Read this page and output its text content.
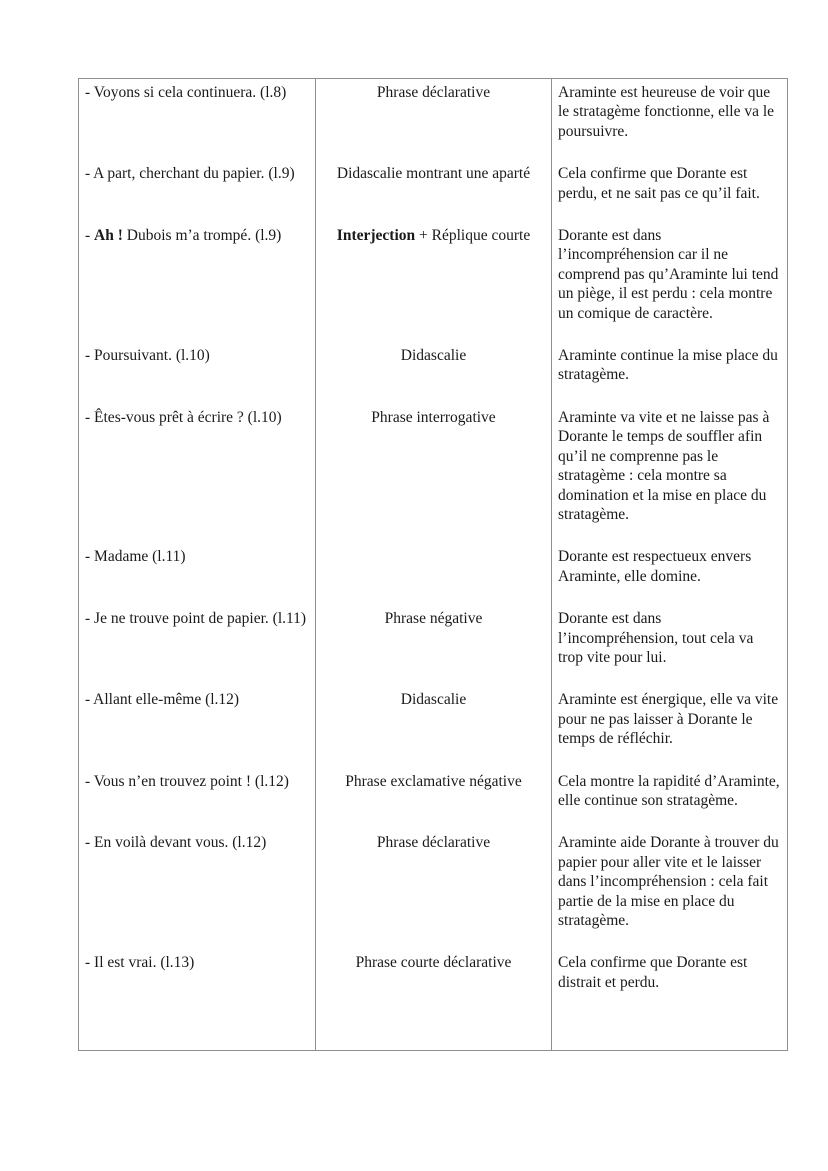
- Voyons si cela continuera. (l.8)	Phrase déclarative	Araminte est heureuse de voir que le stratagème fonctionne, elle va le poursuivre.
- A part, cherchant du papier. (l.9)	Didascalie montrant une aparté	Cela confirme que Dorante est perdu, et ne sait pas ce qu’il fait.
- Ah ! Dubois m’a trompé. (l.9)	Interjection + Réplique courte	Dorante est dans l’incompréhension car il ne comprend pas qu’Araminte lui tend un piège, il est perdu : cela montre un comique de caractère.
- Poursuivant. (l.10)	Didascalie	Araminte continue la mise place du stratagème.
- Êtes-vous prêt à écrire ? (l.10)	Phrase interrogative	Araminte va vite et ne laisse pas à Dorante le temps de souffler afin qu’il ne comprenne pas le stratagème : cela montre sa domination et la mise en place du stratagème.
- Madame (l.11)		Dorante est respectueux envers Araminte, elle domine.
- Je ne trouve point de papier. (l.11)	Phrase négative	Dorante est dans l’incompréhension, tout cela va trop vite pour lui.
- Allant elle-même (l.12)	Didascalie	Araminte est énergique, elle va vite pour ne pas laisser à Dorante le temps de réfléchir.
- Vous n’en trouvez point ! (l.12)	Phrase exclamative négative	Cela montre la rapidité d’Araminte, elle continue son stratagème.
- En voilà devant vous. (l.12)	Phrase déclarative	Araminte aide Dorante à trouver du papier pour aller vite et le laisser dans l’incompréhension : cela fait partie de la mise en place du stratagème.
- Il est vrai. (l.13)	Phrase courte déclarative	Cela confirme que Dorante est distrait et perdu.
